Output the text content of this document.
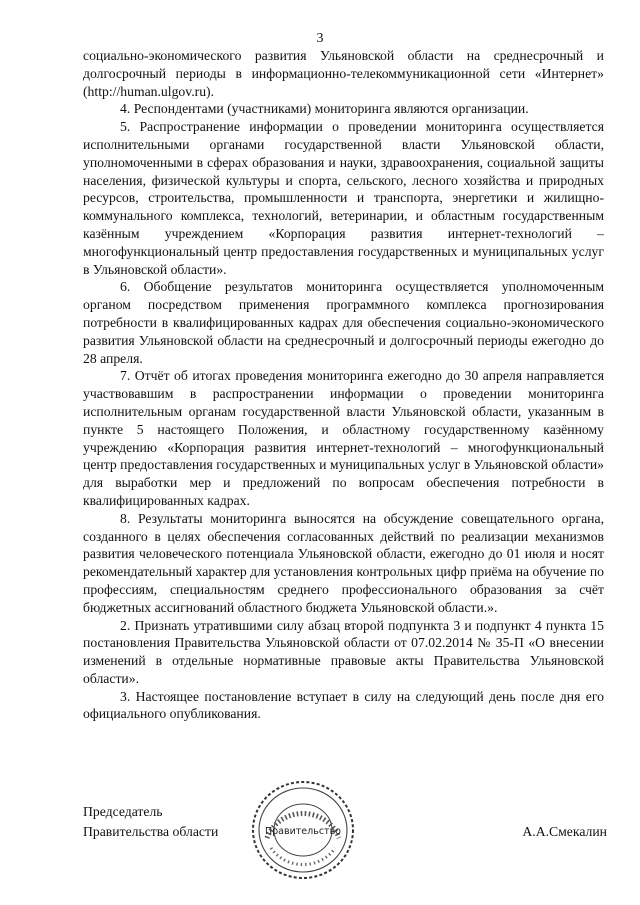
3

социально-экономического развития Ульяновской области на среднесрочный и долгосрочный периоды в информационно-телекоммуникационной сети «Интернет» (http://human.ulgov.ru).

4. Респондентами (участниками) мониторинга являются организации.

5. Распространение информации о проведении мониторинга осуществляется исполнительными органами государственной власти Ульяновской области, уполномоченными в сферах образования и науки, здравоохранения, социальной защиты населения, физической культуры и спорта, сельского, лесного хозяйства и природных ресурсов, строительства, промышленности и транспорта, энергетики и жилищно-коммунального комплекса, технологий, ветеринарии, и областным государственным казённым учреждением «Корпорация развития интернет-технологий – многофункциональный центр предоставления государственных и муниципальных услуг в Ульяновской области».

6. Обобщение результатов мониторинга осуществляется уполномоченным органом посредством применения программного комплекса прогнозирования потребности в квалифицированных кадрах для обеспечения социально-экономического развития Ульяновской области на среднесрочный и долгосрочный периоды ежегодно до 28 апреля.

7. Отчёт об итогах проведения мониторинга ежегодно до 30 апреля направляется участвовавшим в распространении информации о проведении мониторинга исполнительным органам государственной власти Ульяновской области, указанным в пункте 5 настоящего Положения, и областному государственному казённому учреждению «Корпорация развития интернет-технологий – многофункциональный центр предоставления государственных и муниципальных услуг в Ульяновской области» для выработки мер и предложений по вопросам обеспечения потребности в квалифицированных кадрах.

8. Результаты мониторинга выносятся на обсуждение совещательного органа, созданного в целях обеспечения согласованных действий по реализации механизмов развития человеческого потенциала Ульяновской области, ежегодно до 01 июля и носят рекомендательный характер для установления контрольных цифр приёма на обучение по профессиям, специальностям среднего профессионального образования за счёт бюджетных ассигнований областного бюджета Ульяновской области.».

2. Признать утратившими силу абзац второй подпункта 3 и подпункт 4 пункта 15 постановления Правительства Ульяновской области от 07.02.2014 № 35-П «О внесении изменений в отдельные нормативные правовые акты Правительства Ульяновской области».

3. Настоящее постановление вступает в силу на следующий день после дня его официального опубликования.

Председатель
Правительства области	А.А.Смекалин
Правительство
